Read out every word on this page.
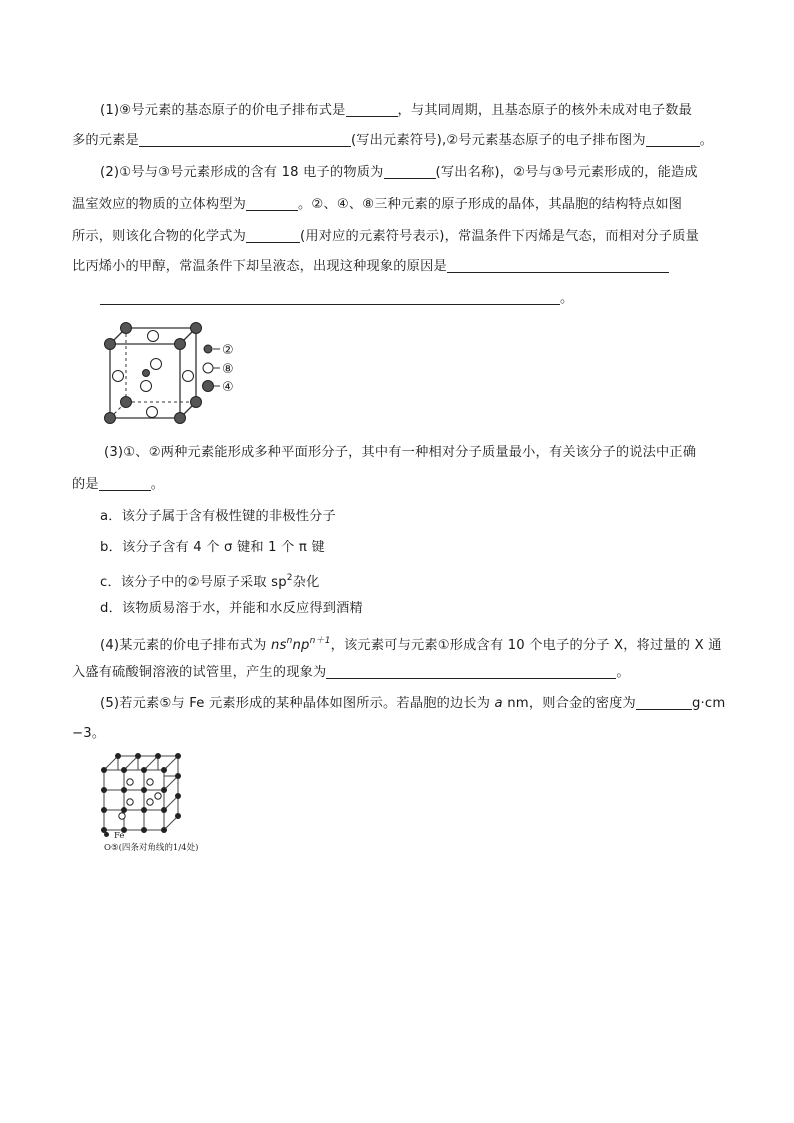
(1)⑨号元素的基态原子的价电子排布式是	，与其同周期，且基态原子的核外未成对电子数最
多的元素是	(写出元素符号),②号元素基态原子的电子排布图为	。
(2)①号与③号元素形成的含有 18 电子的物质为	(写出名称)，②号与③号元素形成的，能造成
温室效应的物质的立体构型为	。②、④、⑧三种元素的原子形成的晶体，其晶胞的结构特点如图
所示，则该化合物的化学式为	(用对应的元素符号表示)，常温条件下丙烯是气态，而相对分子质量
比丙烯小的甲醇，常温条件下却呈液态，出现这种现象的原因是
。
②
⑧
④
(3)①、②两种元素能形成多种平面形分子，其中有一种相对分子质量最小，有关该分子的说法中正确
的是	。
a．该分子属于含有极性键的非极性分子
b．该分子含有 4 个 σ 键和 1 个 π 键
c．该分子中的②号原子采取 $sp^2$杂化
d．该物质易溶于水，并能和水反应得到酒精
(4)某元素的价电子排布式为 $ns^nnp^{n+1}$，该元素可与元素①形成含有 10 个电子的分子 X，将过量的 X 通
入盛有硫酸铜溶液的试管里，产生的现象为	。
(5)若元素⑤与 Fe 元素形成的某种晶体如图所示。若晶胞的边长为 a nm，则合金的密度为	g·cm
−3。
Fe
O⑤(四条对角线的1/4处)
